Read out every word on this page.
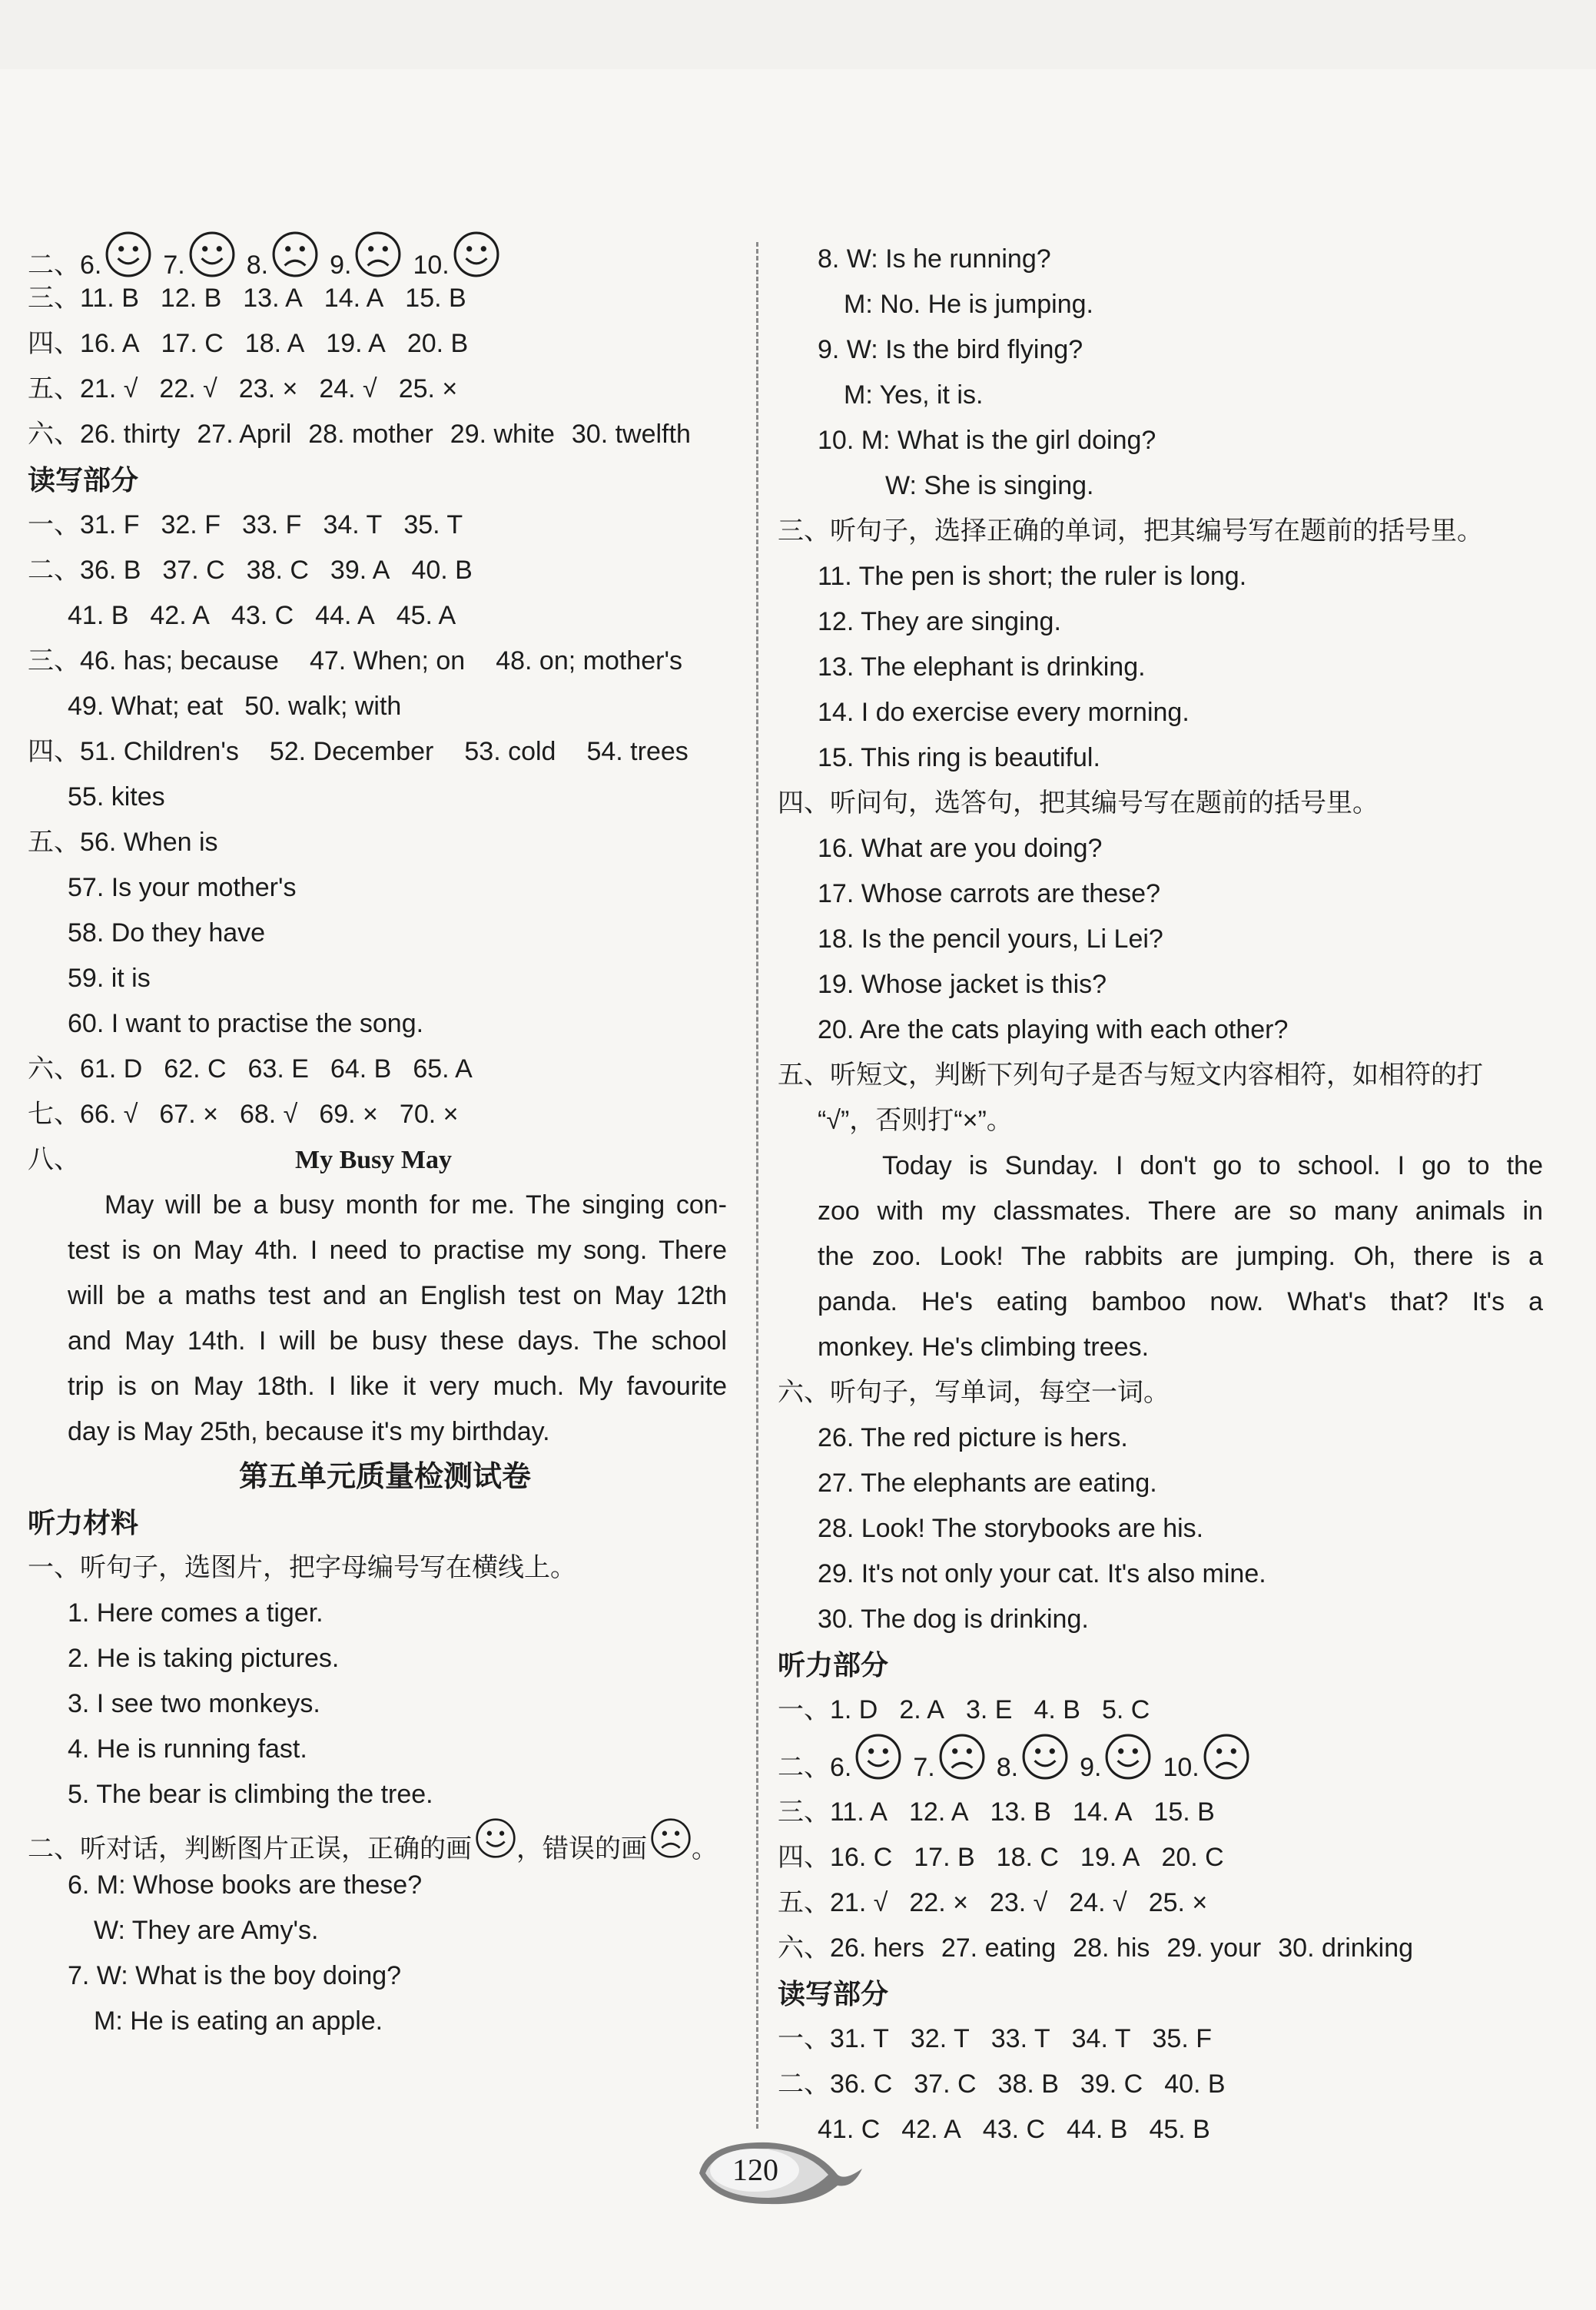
二、6. 7. 8. 9. 10.
三、11. B 12. B 13. A 14. A 15. B
四、16. A 17. C 18. A 19. A 20. B
五、21. √ 22. √ 23. × 24. √ 25. ×
六、26. thirty 27. April 28. mother 29. white 30. twelfth
读写部分
一、31. F 32. F 33. F 34. T 35. T
二、36. B 37. C 38. C 39. A 40. B
41. B 42. A 43. C 44. A 45. A
三、46. has; because 47. When; on 48. on; mother's
49. What; eat 50. walk; with
四、51. Children's 52. December 53. cold 54. trees
55. kites
五、56. When is
57. Is your mother's
58. Do they have
59. it is
60. I want to practise the song.
六、61. D 62. C 63. E 64. B 65. A
七、66. √ 67. × 68. √ 69. × 70. ×
八、	My Busy May
May will be a busy month for me. The singing con-
test is on May 4th. I need to practise my song. There
will be a maths test and an English test on May 12th
and May 14th. I will be busy these days. The school
trip is on May 18th. I like it very much. My favourite
day is May 25th, because it's my birthday.
第五单元质量检测试卷
听力材料
一、听句子，选图片，把字母编号写在横线上。
1. Here comes a tiger.
2. He is taking pictures.
3. I see two monkeys.
4. He is running fast.
5. The bear is climbing the tree.
二、听对话，判断图片正误，正确的画 ，错误的画 。
6. M: Whose books are these?
W: They are Amy's.
7. W: What is the boy doing?
M: He is eating an apple.
8. W: Is he running?
M: No. He is jumping.
9. W: Is the bird flying?
M: Yes, it is.
10. M: What is the girl doing?
W: She is singing.
三、听句子，选择正确的单词，把其编号写在题前的括号里。
11. The pen is short; the ruler is long.
12. They are singing.
13. The elephant is drinking.
14. I do exercise every morning.
15. This ring is beautiful.
四、听问句，选答句，把其编号写在题前的括号里。
16. What are you doing?
17. Whose carrots are these?
18. Is the pencil yours, Li Lei?
19. Whose jacket is this?
20. Are the cats playing with each other?
五、听短文，判断下列句子是否与短文内容相符，如相符的打
“√”，否则打“×”。
Today is Sunday. I don't go to school. I go to the
zoo with my classmates. There are so many animals in
the zoo. Look! The rabbits are jumping. Oh, there is a
panda. He's eating bamboo now. What's that? It's a
monkey. He's climbing trees.
六、听句子，写单词，每空一词。
26. The red picture is hers.
27. The elephants are eating.
28. Look! The storybooks are his.
29. It's not only your cat. It's also mine.
30. The dog is drinking.
听力部分
一、1. D 2. A 3. E 4. B 5. C
二、6. 7. 8. 9. 10.
三、11. A 12. A 13. B 14. A 15. B
四、16. C 17. B 18. C 19. A 20. C
五、21. √ 22. × 23. √ 24. √ 25. ×
六、26. hers 27. eating 28. his 29. your 30. drinking
读写部分
一、31. T 32. T 33. T 34. T 35. F
二、36. C 37. C 38. B 39. C 40. B
41. C 42. A 43. C 44. B 45. B
120
